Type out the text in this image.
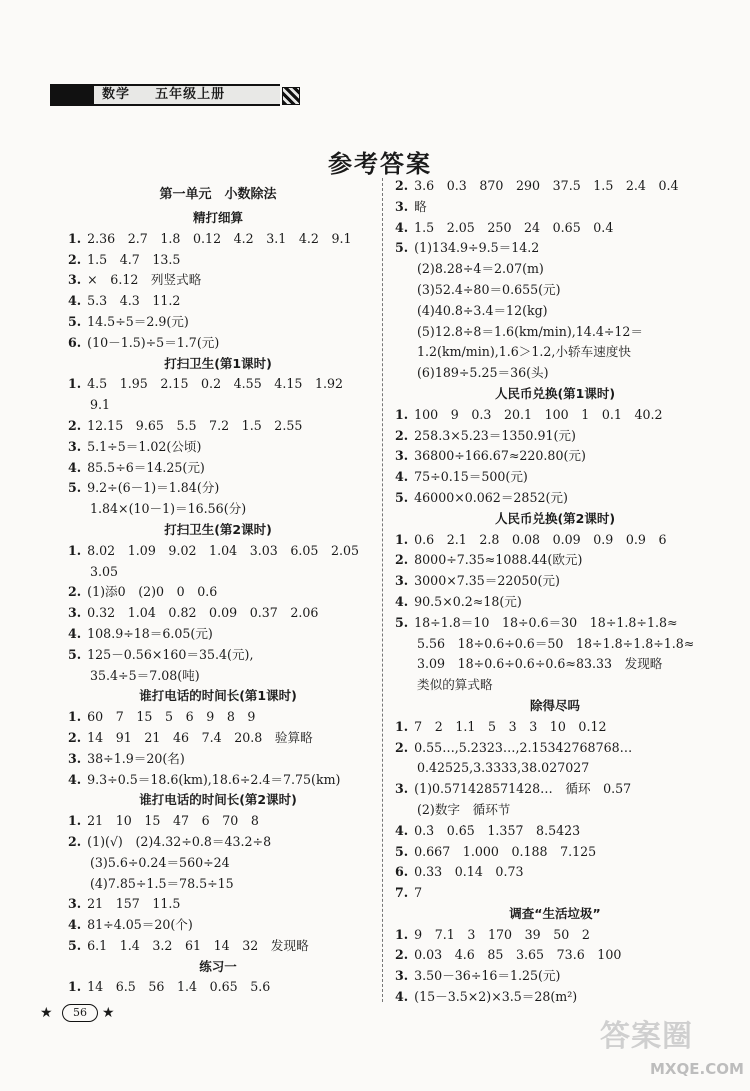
数学 　 五年级上册
参考答案
第一单元　小数除法
精打细算
1. 2.36　2.7　1.8　0.12　4.2　3.1　4.2　9.1
2. 1.5　4.7　13.5
3. ×　6.12　列竖式略
4. 5.3　4.3　11.2
5. 14.5÷5＝2.9(元)
6. (10－1.5)÷5＝1.7(元)
打扫卫生(第1课时)
1. 4.5　1.95　2.15　0.2　4.55　4.15　1.92
9.1
2. 12.15　9.65　5.5　7.2　1.5　2.55
3. 5.1÷5＝1.02(公顷)
4. 85.5÷6＝14.25(元)
5. 9.2÷(6－1)＝1.84(分)
1.84×(10－1)＝16.56(分)
打扫卫生(第2课时)
1. 8.02　1.09　9.02　1.04　3.03　6.05　2.05
3.05
2. (1)添0　(2)0　0　0.6
3. 0.32　1.04　0.82　0.09　0.37　2.06
4. 108.9÷18＝6.05(元)
5. 125－0.56×160＝35.4(元),
35.4÷5＝7.08(吨)
谁打电话的时间长(第1课时)
1. 60　7　15　5　6　9　8　9
2. 14　91　21　46　7.4　20.8　验算略
3. 38÷1.9＝20(名)
4. 9.3÷0.5＝18.6(km),18.6÷2.4＝7.75(km)
谁打电话的时间长(第2课时)
1. 21　10　15　47　6　70　8
2. (1)(√)　(2)4.32÷0.8＝43.2÷8
(3)5.6÷0.24＝560÷24
(4)7.85÷1.5＝78.5÷15
3. 21　157　11.5
4. 81÷4.05＝20(个)
5. 6.1　1.4　3.2　61　14　32　发现略
练习一
1. 14　6.5　56　1.4　0.65　5.6
2. 3.6　0.3　870　290　37.5　1.5　2.4　0.4
3. 略
4. 1.5　2.05　250　24　0.65　0.4
5. (1)134.9÷9.5＝14.2
(2)8.28÷4＝2.07(m)
(3)52.4÷80＝0.655(元)
(4)40.8÷3.4＝12(kg)
(5)12.8÷8＝1.6(km/min),14.4÷12＝
1.2(km/min),1.6＞1.2,小轿车速度快
(6)189÷5.25＝36(头)
人民币兑换(第1课时)
1. 100　9　0.3　20.1　100　1　0.1　40.2
2. 258.3×5.23＝1350.91(元)
3. 36800÷166.67≈220.80(元)
4. 75÷0.15＝500(元)
5. 46000×0.062＝2852(元)
人民币兑换(第2课时)
1. 0.6　2.1　2.8　0.08　0.09　0.9　0.9　6
2. 8000÷7.35≈1088.44(欧元)
3. 3000×7.35＝22050(元)
4. 90.5×0.2≈18(元)
5. 18÷1.8＝10　18÷0.6＝30　18÷1.8÷1.8≈
5.56　18÷0.6÷0.6＝50　18÷1.8÷1.8÷1.8≈
3.09　18÷0.6÷0.6÷0.6≈83.33　发现略
类似的算式略
除得尽吗
1. 7　2　1.1　5　3　3　10　0.12
2. 0.55…,5.2323…,2.15342768768…
0.42525,3.3333,38.027027
3. (1)0.571428571428…　循环　0.57
(2)数字　循环节
4. 0.3̇　0.6̇5̇　1.35̇7̇　8.54̇2̇3̇
5. 0.667　1.000　0.188　7.125
6. 0.33　0.14　0.73
7. 7
调查“生活垃圾”
1. 9　7.1　3　170　39　50　2
2. 0.03　4.6　85　3.65　73.6　100
3. 3.50－36÷16＝1.25(元)
4. (15－3.5×2)×3.5＝28(m²)
★	56	★
答案圈
MXQE.COM
